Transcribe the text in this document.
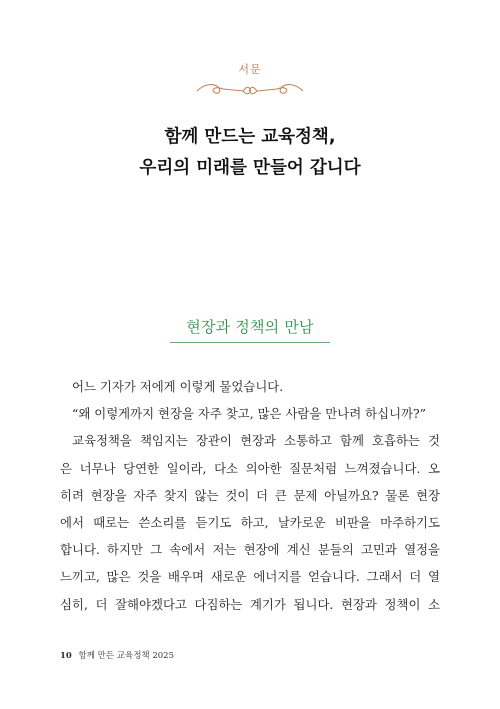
서문
함께 만드는 교육정책,
우리의 미래를 만들어 갑니다
현장과 정책의 만남
어느 기자가 저에게 이렇게 물었습니다.
“왜 이렇게까지 현장을 자주 찾고, 많은 사람을 만나려 하십니까?”
교육정책을 책임지는 장관이 현장과 소통하고 함께 호흡하는 것
은 너무나 당연한 일이라, 다소 의아한 질문처럼 느껴졌습니다. 오
히려 현장을 자주 찾지 않는 것이 더 큰 문제 아닐까요? 물론 현장
에서 때로는 쓴소리를 듣기도 하고, 날카로운 비판을 마주하기도
합니다. 하지만 그 속에서 저는 현장에 계신 분들의 고민과 열정을
느끼고, 많은 것을 배우며 새로운 에너지를 얻습니다. 그래서 더 열
심히, 더 잘해야겠다고 다짐하는 계기가 됩니다. 현장과 정책이 소
10 함께 만든 교육정책 2025
